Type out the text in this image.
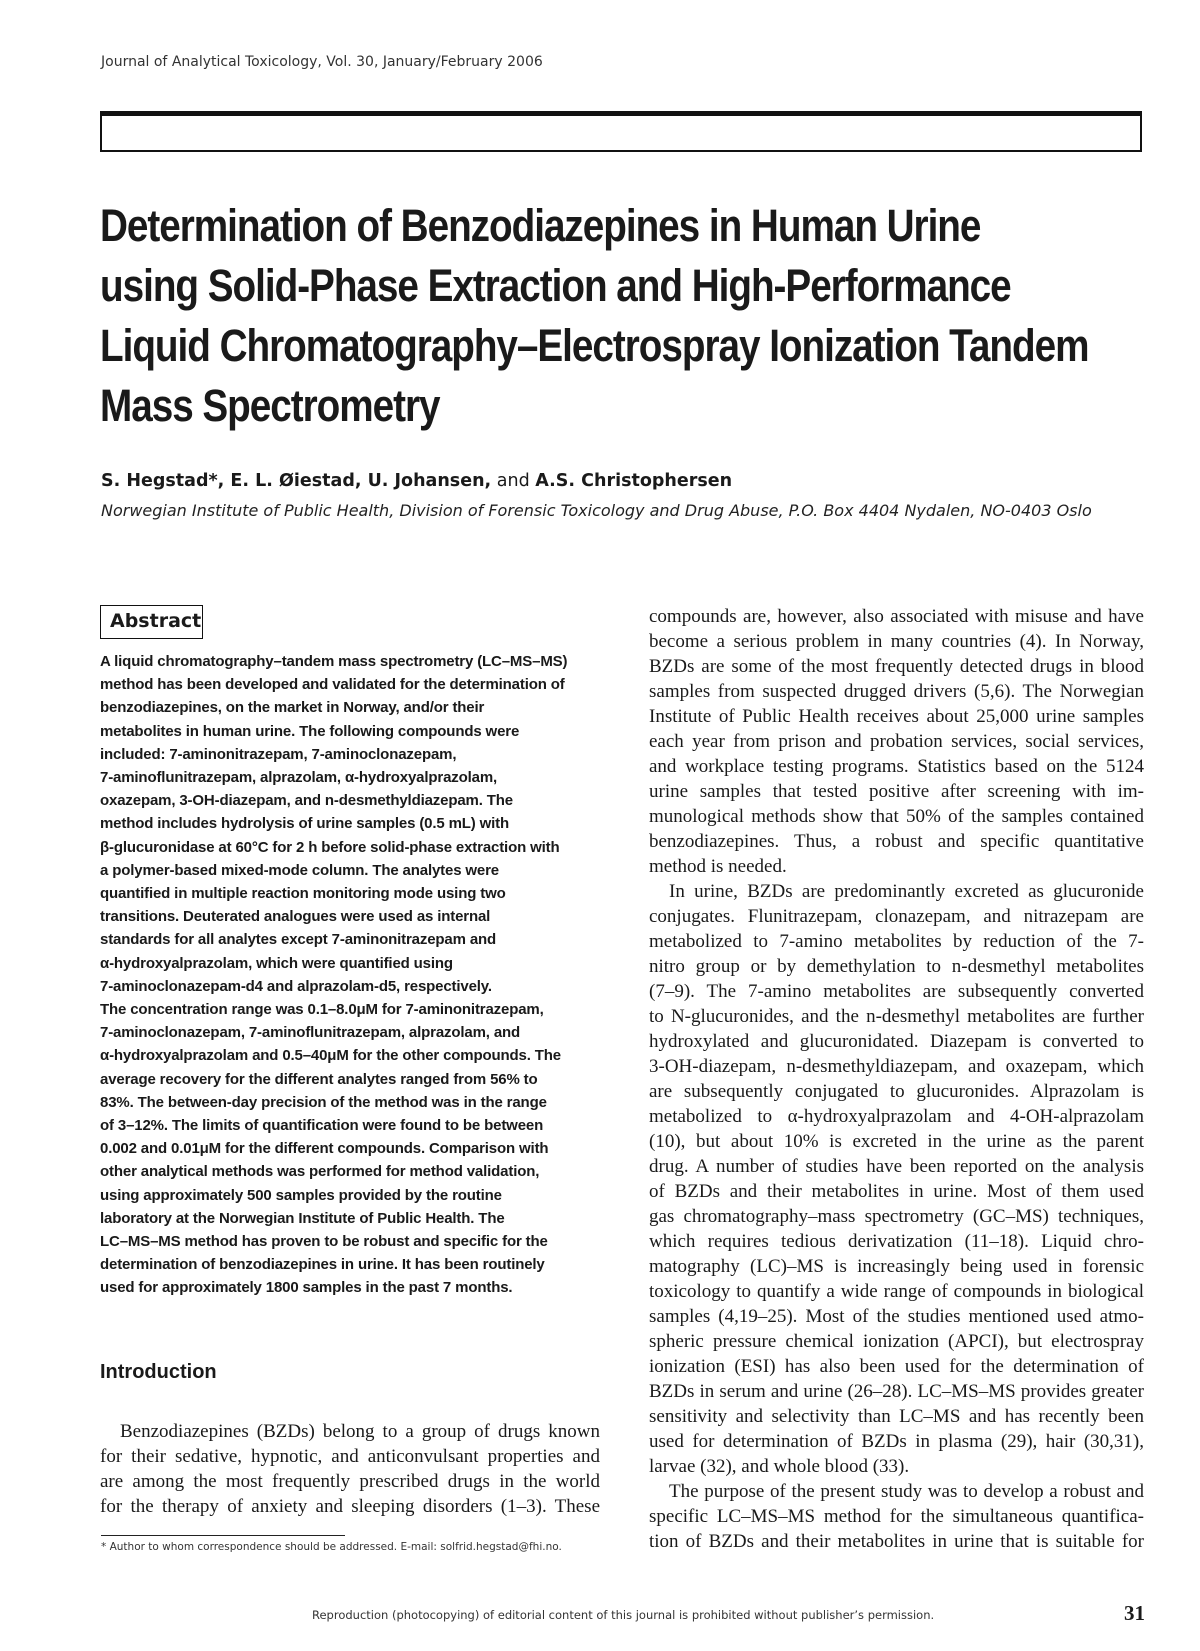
Journal of Analytical Toxicology, Vol. 30, January/February 2006
Determination of Benzodiazepines in Human Urine
using Solid-Phase Extraction and High-Performance
Liquid Chromatography–Electrospray Ionization Tandem
Mass Spectrometry
S. Hegstad*, E. L. Øiestad, U. Johansen, and A.S. Christophersen
Norwegian Institute of Public Health, Division of Forensic Toxicology and Drug Abuse, P.O. Box 4404 Nydalen, NO-0403 Oslo
Abstract
A liquid chromatography–tandem mass spectrometry (LC–MS–MS)
method has been developed and validated for the determination of
benzodiazepines, on the market in Norway, and/or their
metabolites in human urine. The following compounds were
included: 7-aminonitrazepam, 7-aminoclonazepam,
7-aminoflunitrazepam, alprazolam, α-hydroxyalprazolam,
oxazepam, 3-OH-diazepam, and n-desmethyldiazepam. The
method includes hydrolysis of urine samples (0.5 mL) with
β-glucuronidase at 60°C for 2 h before solid-phase extraction with
a polymer-based mixed-mode column. The analytes were
quantified in multiple reaction monitoring mode using two
transitions. Deuterated analogues were used as internal
standards for all analytes except 7-aminonitrazepam and
α-hydroxyalprazolam, which were quantified using
7-aminoclonazepam-d4 and alprazolam-d5, respectively.
The concentration range was 0.1–8.0μM for 7-aminonitrazepam,
7-aminoclonazepam, 7-aminoflunitrazepam, alprazolam, and
α-hydroxyalprazolam and 0.5–40μM for the other compounds. The
average recovery for the different analytes ranged from 56% to
83%. The between-day precision of the method was in the range
of 3–12%. The limits of quantification were found to be between
0.002 and 0.01μM for the different compounds. Comparison with
other analytical methods was performed for method validation,
using approximately 500 samples provided by the routine
laboratory at the Norwegian Institute of Public Health. The
LC–MS–MS method has proven to be robust and specific for the
determination of benzodiazepines in urine. It has been routinely
used for approximately 1800 samples in the past 7 months.
Introduction
Benzodiazepines (BZDs) belong to a group of drugs known
for their sedative, hypnotic, and anticonvulsant properties and
are among the most frequently prescribed drugs in the world
for the therapy of anxiety and sleeping disorders (1–3). These
* Author to whom correspondence should be addressed. E-mail: solfrid.hegstad@fhi.no.
compounds are, however, also associated with misuse and have
become a serious problem in many countries (4). In Norway,
BZDs are some of the most frequently detected drugs in blood
samples from suspected drugged drivers (5,6). The Norwegian
Institute of Public Health receives about 25,000 urine samples
each year from prison and probation services, social services,
and workplace testing programs. Statistics based on the 5124
urine samples that tested positive after screening with im-
munological methods show that 50% of the samples contained
benzodiazepines. Thus, a robust and specific quantitative
method is needed.
In urine, BZDs are predominantly excreted as glucuronide
conjugates. Flunitrazepam, clonazepam, and nitrazepam are
metabolized to 7-amino metabolites by reduction of the 7-
nitro group or by demethylation to n-desmethyl metabolites
(7–9). The 7-amino metabolites are subsequently converted
to N-glucuronides, and the n-desmethyl metabolites are further
hydroxylated and glucuronidated. Diazepam is converted to
3-OH-diazepam, n-desmethyldiazepam, and oxazepam, which
are subsequently conjugated to glucuronides. Alprazolam is
metabolized to α-hydroxyalprazolam and 4-OH-alprazolam
(10), but about 10% is excreted in the urine as the parent
drug. A number of studies have been reported on the analysis
of BZDs and their metabolites in urine. Most of them used
gas chromatography–mass spectrometry (GC–MS) techniques,
which requires tedious derivatization (11–18). Liquid chro-
matography (LC)–MS is increasingly being used in forensic
toxicology to quantify a wide range of compounds in biological
samples (4,19–25). Most of the studies mentioned used atmo-
spheric pressure chemical ionization (APCI), but electrospray
ionization (ESI) has also been used for the determination of
BZDs in serum and urine (26–28). LC–MS–MS provides greater
sensitivity and selectivity than LC–MS and has recently been
used for determination of BZDs in plasma (29), hair (30,31),
larvae (32), and whole blood (33).
The purpose of the present study was to develop a robust and
specific LC–MS–MS method for the simultaneous quantifica-
tion of BZDs and their metabolites in urine that is suitable for
Reproduction (photocopying) of editorial content of this journal is prohibited without publisher’s permission.	31
